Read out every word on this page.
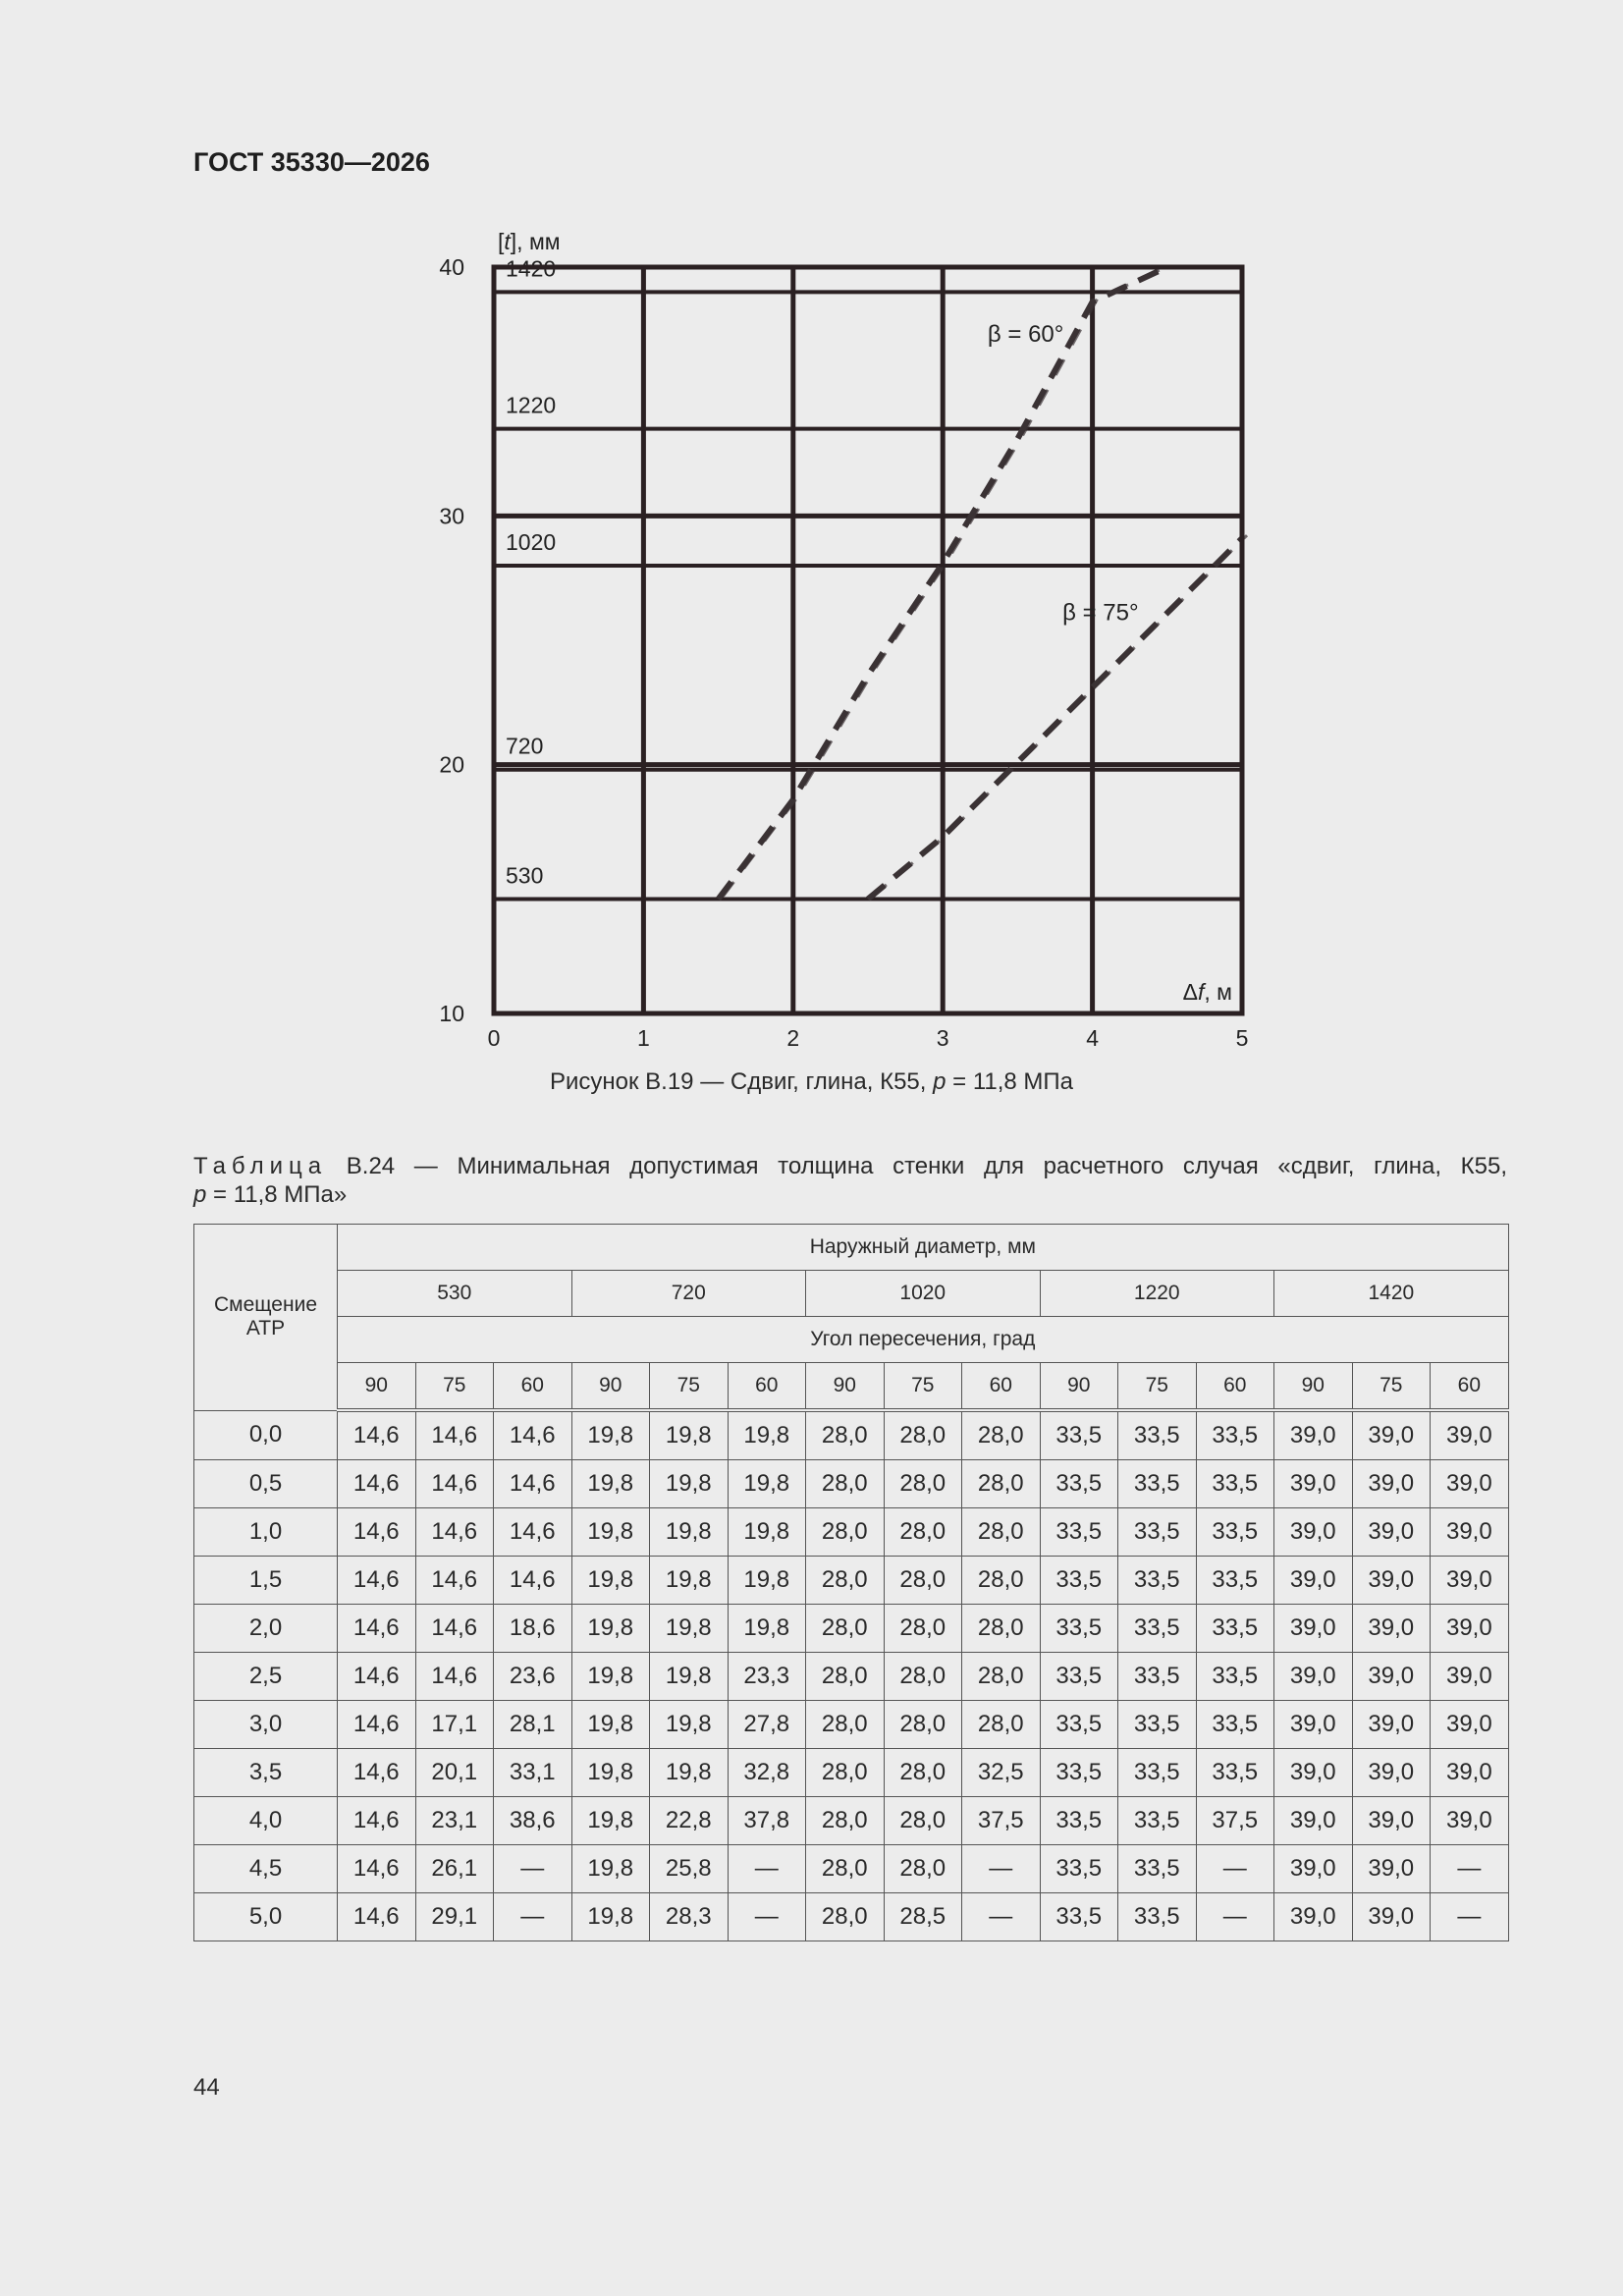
ГОСТ 35330—2026
1420
1220
1020
720
530
0	1	2	3	4	5
10
20
30
40
[t], мм
Δf, м
β = 60°
β = 75°
Рисунок В.19 — Сдвиг, глина, К55, p = 11,8 МПа
Таблица В.24 — Минимальная допустимая толщина стенки для расчетного случая «сдвиг, глина, К55,
p = 11,8 МПа»
Смещение АТР	Наружный диаметр, мм														
	530			720			1020			1220			1420		
	Угол пересечения, град														
	90	75	60	90	75	60	90	75	60	90	75	60	90	75	60
0,0	14,6	14,6	14,6	19,8	19,8	19,8	28,0	28,0	28,0	33,5	33,5	33,5	39,0	39,0	39,0
0,5	14,6	14,6	14,6	19,8	19,8	19,8	28,0	28,0	28,0	33,5	33,5	33,5	39,0	39,0	39,0
1,0	14,6	14,6	14,6	19,8	19,8	19,8	28,0	28,0	28,0	33,5	33,5	33,5	39,0	39,0	39,0
1,5	14,6	14,6	14,6	19,8	19,8	19,8	28,0	28,0	28,0	33,5	33,5	33,5	39,0	39,0	39,0
2,0	14,6	14,6	18,6	19,8	19,8	19,8	28,0	28,0	28,0	33,5	33,5	33,5	39,0	39,0	39,0
2,5	14,6	14,6	23,6	19,8	19,8	23,3	28,0	28,0	28,0	33,5	33,5	33,5	39,0	39,0	39,0
3,0	14,6	17,1	28,1	19,8	19,8	27,8	28,0	28,0	28,0	33,5	33,5	33,5	39,0	39,0	39,0
3,5	14,6	20,1	33,1	19,8	19,8	32,8	28,0	28,0	32,5	33,5	33,5	33,5	39,0	39,0	39,0
4,0	14,6	23,1	38,6	19,8	22,8	37,8	28,0	28,0	37,5	33,5	33,5	37,5	39,0	39,0	39,0
4,5	14,6	26,1	—	19,8	25,8	—	28,0	28,0	—	33,5	33,5	—	39,0	39,0	—
5,0	14,6	29,1	—	19,8	28,3	—	28,0	28,5	—	33,5	33,5	—	39,0	39,0	—
44
